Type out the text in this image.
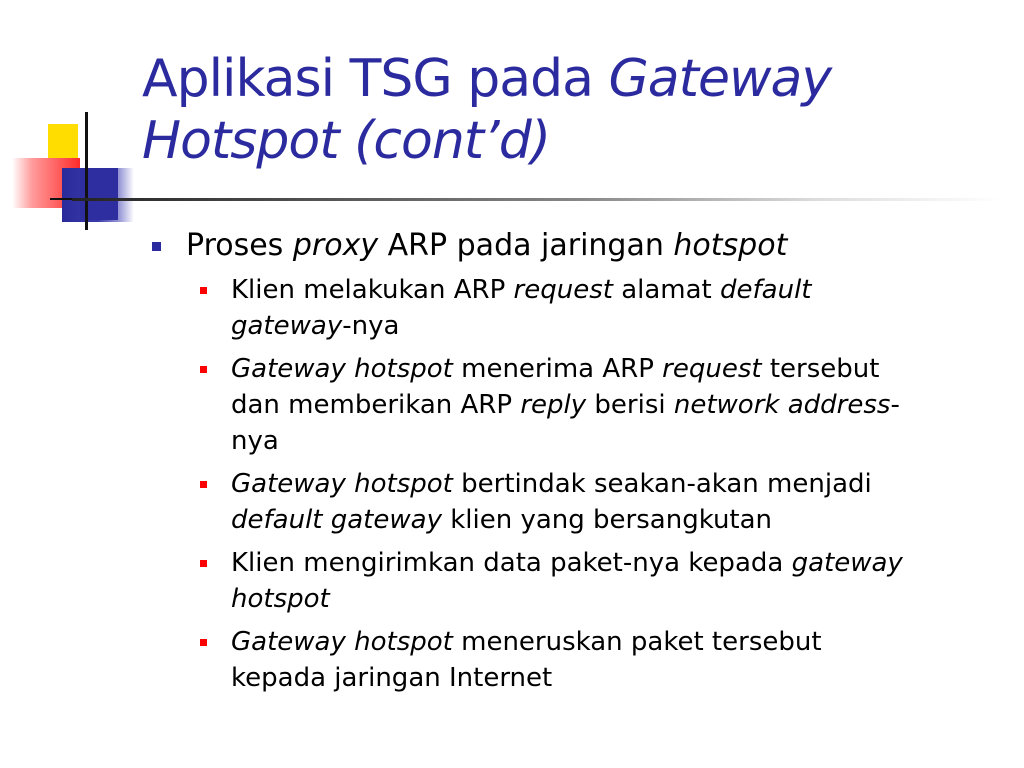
Aplikasi TSG pada Gateway
Hotspot (cont’d)
Proses proxy ARP pada jaringan hotspot
Klien melakukan ARP request alamat default gateway-nya
Gateway hotspot menerima ARP request tersebut dan memberikan ARP reply berisi network address-nya
Gateway hotspot bertindak seakan-akan menjadi default gateway klien yang bersangkutan
Klien mengirimkan data paket-nya kepada gateway hotspot
Gateway hotspot meneruskan paket tersebut kepada jaringan Internet
